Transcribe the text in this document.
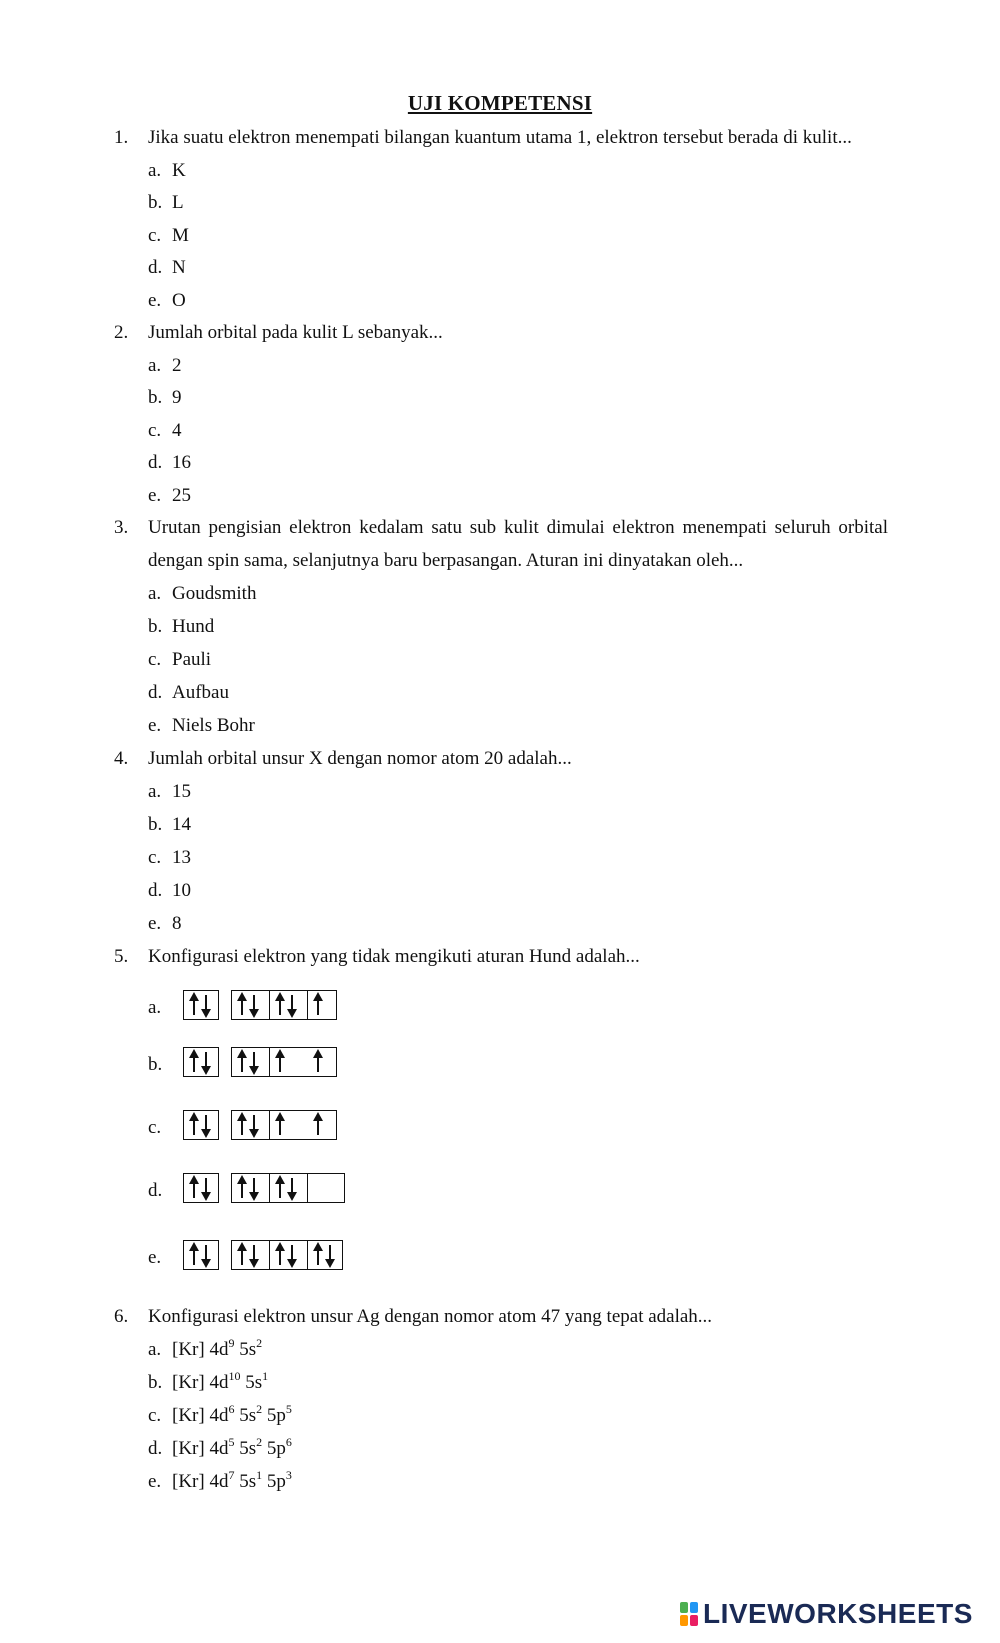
UJI KOMPETENSI
1.	Jika suatu elektron menempati bilangan kuantum utama 1, elektron tersebut berada di kulit...
a. K
b. L
c. M
d. N
e. O
2.	Jumlah orbital pada kulit L sebanyak...
a. 2
b. 9
c. 4
d. 16
e. 25
3.	Urutan pengisian elektron kedalam satu sub kulit dimulai elektron menempati seluruh orbital
dengan spin sama, selanjutnya baru berpasangan. Aturan ini dinyatakan oleh...
a. Goudsmith
b. Hund
c. Pauli
d. Aufbau
e. Niels Bohr
4.	Jumlah orbital unsur X dengan nomor atom 20 adalah...
a. 15
b. 14
c. 13
d. 10
e. 8
5.	Konfigurasi elektron yang tidak mengikuti aturan Hund adalah...
a.
b.
c.
d.
e.
6.	Konfigurasi elektron unsur Ag dengan nomor atom 47 yang tepat adalah...
a. [Kr] $4d^9$ $5s^2$
b. [Kr] $4d^{10}$ $5s^1$
c. [Kr] $4d^6$ $5s^2$ $5p^5$
d. [Kr] $4d^5$ $5s^2$ $5p^6$
e. [Kr] $4d^7$ $5s^1$ $5p^3$
LIVEWORKSHEETS
